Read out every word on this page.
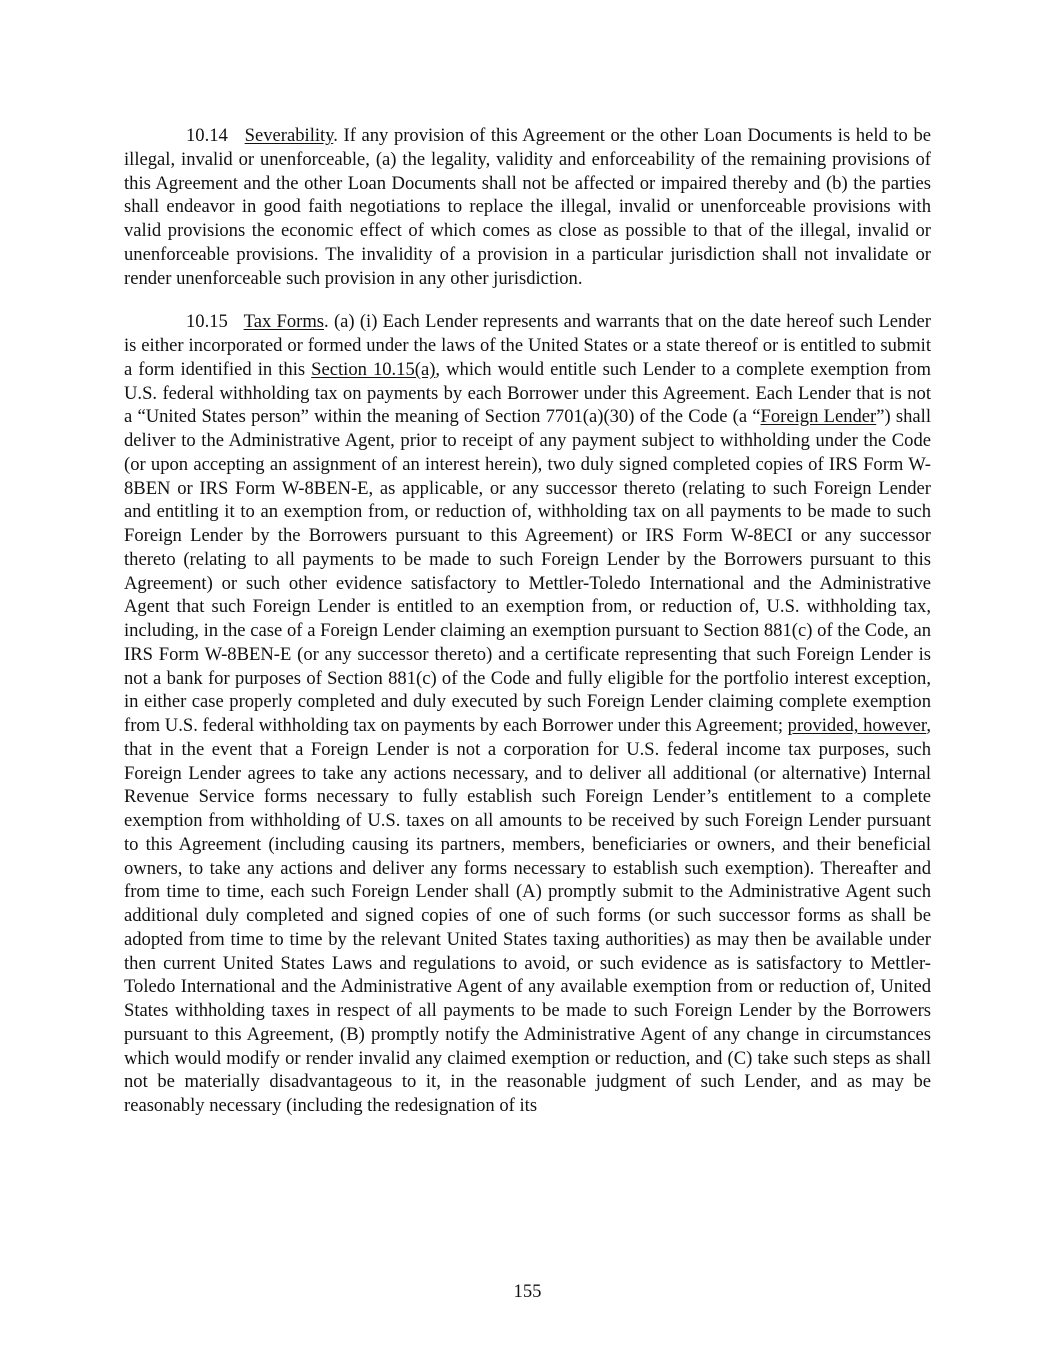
10.14 Severability. If any provision of this Agreement or the other Loan Documents is held to be illegal, invalid or unenforceable, (a) the legality, validity and enforceability of the remaining provisions of this Agreement and the other Loan Documents shall not be affected or impaired thereby and (b) the parties shall endeavor in good faith negotiations to replace the illegal, invalid or unenforceable provisions with valid provisions the economic effect of which comes as close as possible to that of the illegal, invalid or unenforceable provisions. The invalidity of a provision in a particular jurisdiction shall not invalidate or render unenforceable such provision in any other jurisdiction.

10.15 Tax Forms. (a) (i) Each Lender represents and warrants that on the date hereof such Lender is either incorporated or formed under the laws of the United States or a state thereof or is entitled to submit a form identified in this Section 10.15(a), which would entitle such Lender to a complete exemption from U.S. federal withholding tax on payments by each Borrower under this Agreement. Each Lender that is not a “United States person” within the meaning of Section 7701(a)(30) of the Code (a “Foreign Lender”) shall deliver to the Administrative Agent, prior to receipt of any payment subject to withholding under the Code (or upon accepting an assignment of an interest herein), two duly signed completed copies of IRS Form W-8BEN or IRS Form W-8BEN-E, as applicable, or any successor thereto (relating to such Foreign Lender and entitling it to an exemption from, or reduction of, withholding tax on all payments to be made to such Foreign Lender by the Borrowers pursuant to this Agreement) or IRS Form W-8ECI or any successor thereto (relating to all payments to be made to such Foreign Lender by the Borrowers pursuant to this Agreement) or such other evidence satisfactory to Mettler-Toledo International and the Administrative Agent that such Foreign Lender is entitled to an exemption from, or reduction of, U.S. withholding tax, including, in the case of a Foreign Lender claiming an exemption pursuant to Section 881(c) of the Code, an IRS Form W-8BEN-E (or any successor thereto) and a certificate representing that such Foreign Lender is not a bank for purposes of Section 881(c) of the Code and fully eligible for the portfolio interest exception, in either case properly completed and duly executed by such Foreign Lender claiming complete exemption from U.S. federal withholding tax on payments by each Borrower under this Agreement; provided, however, that in the event that a Foreign Lender is not a corporation for U.S. federal income tax purposes, such Foreign Lender agrees to take any actions necessary, and to deliver all additional (or alternative) Internal Revenue Service forms necessary to fully establish such Foreign Lender’s entitlement to a complete exemption from withholding of U.S. taxes on all amounts to be received by such Foreign Lender pursuant to this Agreement (including causing its partners, members, beneficiaries or owners, and their beneficial owners, to take any actions and deliver any forms necessary to establish such exemption). Thereafter and from time to time, each such Foreign Lender shall (A) promptly submit to the Administrative Agent such additional duly completed and signed copies of one of such forms (or such successor forms as shall be adopted from time to time by the relevant United States taxing authorities) as may then be available under then current United States Laws and regulations to avoid, or such evidence as is satisfactory to Mettler-Toledo International and the Administrative Agent of any available exemption from or reduction of, United States withholding taxes in respect of all payments to be made to such Foreign Lender by the Borrowers pursuant to this Agreement, (B) promptly notify the Administrative Agent of any change in circumstances which would modify or render invalid any claimed exemption or reduction, and (C) take such steps as shall not be materially disadvantageous to it, in the reasonable judgment of such Lender, and as may be reasonably necessary (including the redesignation of its

155
